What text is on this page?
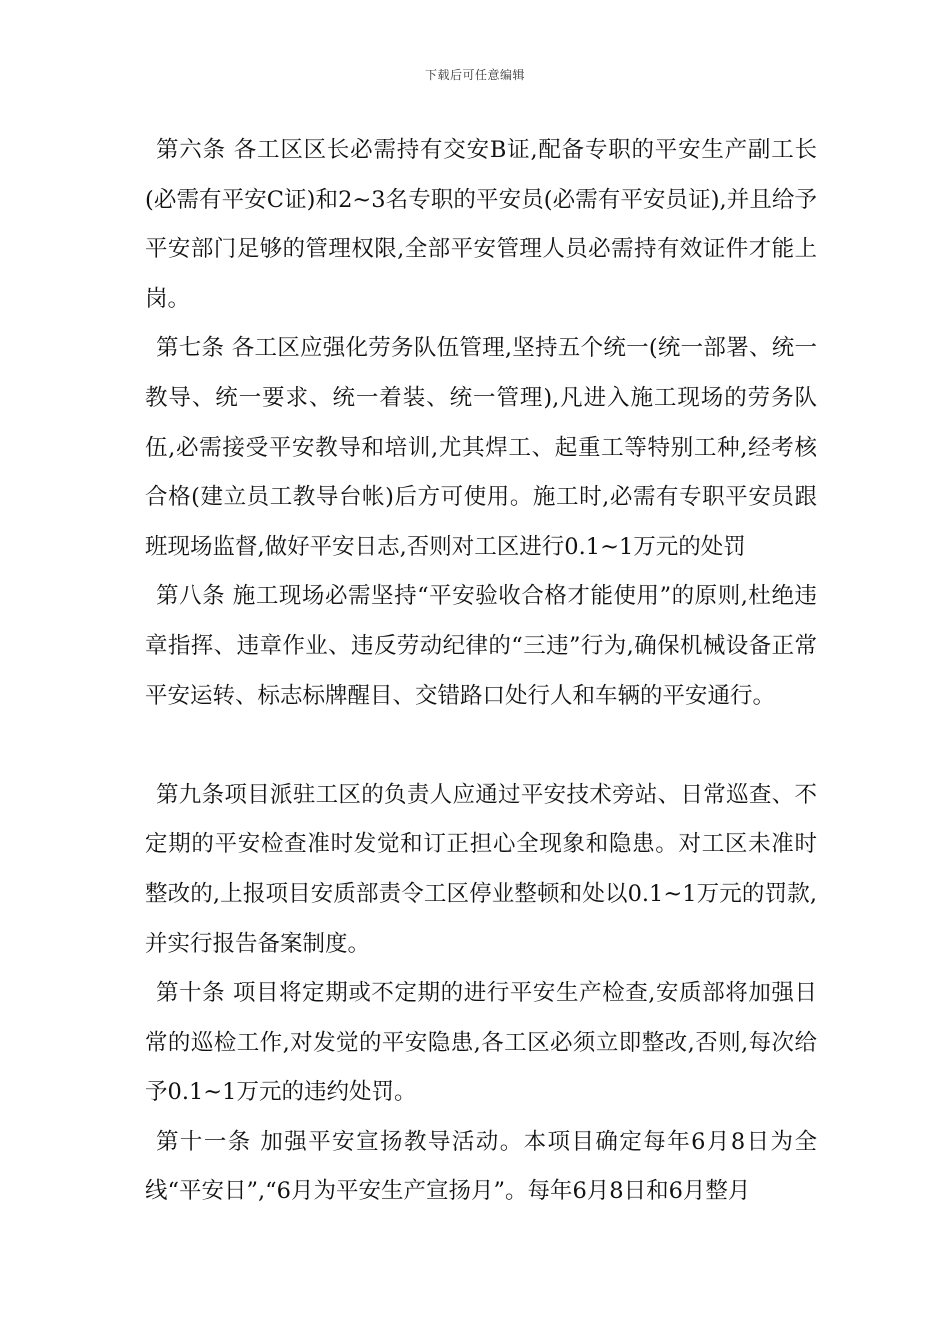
下载后可任意编辑

第六条 各工区区长必需持有交安B证,配备专职的平安生产副工长(必需有平安C证)和2~3名专职的平安员(必需有平安员证),并且给予平安部门足够的管理权限,全部平安管理人员必需持有效证件才能上岗。

第七条 各工区应强化劳务队伍管理,坚持五个统一(统一部署、统一教导、统一要求、统一着装、统一管理),凡进入施工现场的劳务队伍,必需接受平安教导和培训,尤其焊工、起重工等特别工种,经考核合格(建立员工教导台帐)后方可使用。施工时,必需有专职平安员跟班现场监督,做好平安日志,否则对工区进行0.1~1万元的处罚

第八条 施工现场必需坚持“平安验收合格才能使用”的原则,杜绝违章指挥、违章作业、违反劳动纪律的“三违”行为,确保机械设备正常平安运转、标志标牌醒目、交错路口处行人和车辆的平安通行。

第九条项目派驻工区的负责人应通过平安技术旁站、日常巡查、不定期的平安检查准时发觉和订正担心全现象和隐患。对工区未准时整改的,上报项目安质部责令工区停业整顿和处以0.1~1万元的罚款,并实行报告备案制度。

第十条 项目将定期或不定期的进行平安生产检查,安质部将加强日常的巡检工作,对发觉的平安隐患,各工区必须立即整改,否则,每次给予0.1~1万元的违约处罚。

第十一条 加强平安宣扬教导活动。本项目确定每年6月8日为全线“平安日”,“6月为平安生产宣扬月”。每年6月8日和6月整月
